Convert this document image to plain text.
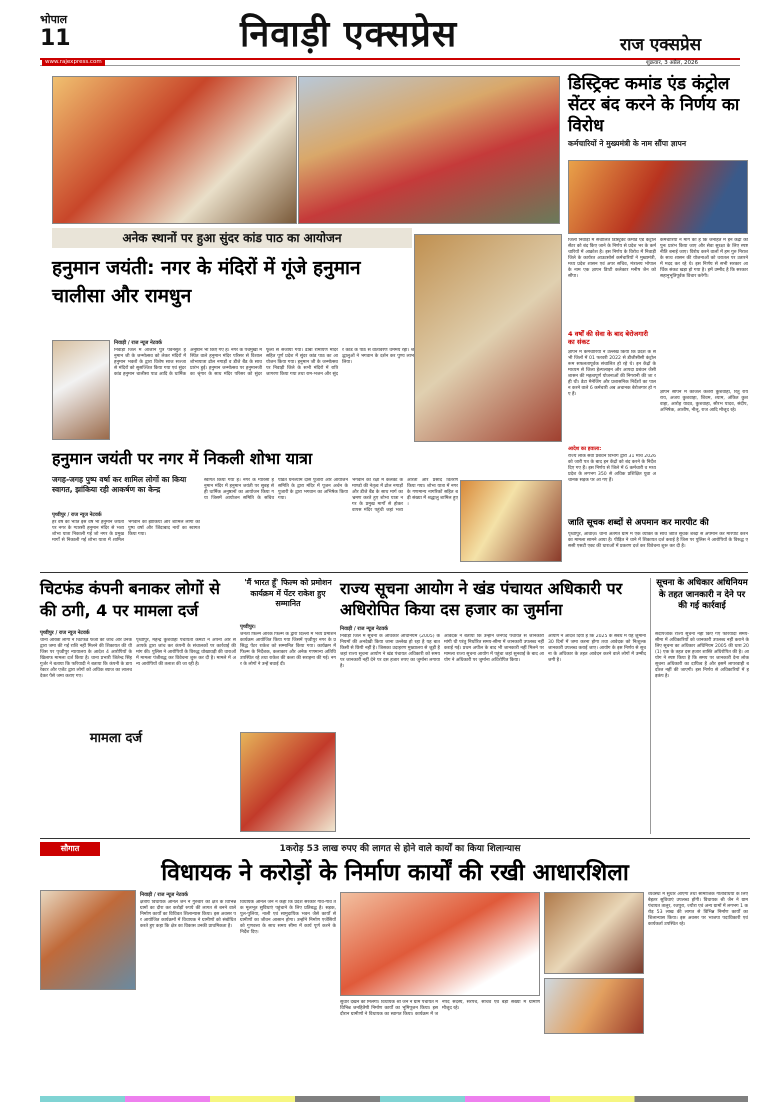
भोपाल
11	निवाड़ी एक्सप्रेस	राज एक्सप्रेस
www.rajexpress.com	शुक्रवार, 3 अप्रैल, 2026
डिस्ट्रिक्ट कमांड एंड कंट्रोल सेंटर बंद करने के निर्णय का विरोध
कर्मचारियों ने मुख्यमंत्री के नाम सौंपा ज्ञापन
जिला निवाड़ी में संचालित डिस्ट्रिक्ट कमांड एंड कंट्रोल सेंटर को बंद किए जाने के निर्णय से प्रदेश भर के कर्मचारियों में आक्रोश है। इस निर्णय के विरोध में निवाड़ी जिले के कार्यरत आउटसोर्स कर्मचारियों ने मुख्यमंत्री, मध्य प्रदेश शासन एवं अपर सचिव, मंत्रालय भोपाल के नाम एक ज्ञापन डिप्टी कलेक्टर मनीष जैन को सौंपा।
4 वर्षों की सेवा के बाद बेरोजगारी का संकट
ज्ञापन में कर्मचारियों ने उल्लेख किया कि प्रदेश के सभी जिलों में 01 फरवरी 2022 से डीजीसीसी कंट्रोल रूम सफलतापूर्वक संचालित हो रहे थे। इन केंद्रों के माध्यम से जिला हेल्पलाइन और आपदा प्रबंधन जैसी शासन की महत्वपूर्ण योजनाओं की निगरानी की जा रही थी। डेटा मैनेजिंग और प्रशासनिक निर्देशों का पालन करने वाले 6 कर्मचारी अब अचानक बेरोजगार हो गए हैं।
आदेश का हवाला:
राज्य लोक सेवा प्रबंधन विभाग द्वारा 31 मार्च 2026 को जारी पत्र के बाद इन केंद्रों को बंद करने के निर्देश दिए गए हैं। इस निर्णय से जिले में 6 कर्मचारी व मध्य प्रदेश के लगभग 350 से अधिक प्रशिक्षित युवा अचानक सड़क पर आ गए हैं।
कर्मचारियों ने मांग की है कि जनहित में इन केंद्रों को पुनः प्रारंभ किया जाए और सेवा सुरक्षा के लिए स्पष्ट नीति बनाई जाए। विरोध करने वालों में हम गुरु निराश के साथ शासन की योजनाओं को धरातल पर उतारने में मदद कर रहे थे। इस निर्णय से सभी सरकार आर्थिक संकट खड़ा हो गया है। हमें उम्मीद है कि सरकार सहानुभूतिपूर्वक विचार करेगी।
ज्ञापन सौंपने में काजल केशरी कुशवाहा, रितु राय राय, अजय कुशवाहा, शिवम, श्याम, अंकित कुशवाहा, आरोह यादव, कुशवाहा, सौरभ यादव, संदीप, अभिषेक, आशीष, नीलू, राज आदि मौजूद रहे।
अनेक स्थानों पर हुआ सुंदर कांड पाठ का आयोजन
हनुमान जयंती: नगर के मंदिरों में गूंजे हनुमान चालीसा और रामधुन
निवाड़ी / राज न्यूज नेटवर्क
निवाड़ी जिले में आंजनि पुत्र पवनसुत हनुमान जी के जन्मोत्सव को लेकर मंदिरों में हनुमान भक्तों के द्वारा विशेष साज सज्जा से मंदिरों को सुसज्जित किया गया एवं सुंदर कांड हनुमान चालीसा पाठ आदि के धार्मिक अनुष्ठान भी किए गए हैं। नगर के पंचमुखी में स्थित वाले हनुमान मंदिर परिसर से विशाल शोभायात्रा ढोल नगाड़ों व डीजे बैंड के साथ प्रारंभ हुई। हनुमान जन्मोत्सव पर हनुमानजी का श्रृंगार के साथ मंदिर परिसर को सुंदर फूलों से सजाया गया। ढाबा रामायण मंदिर सहित पूर्ण प्रदेश में सुंदर कांड पाठ का आयोजन किया गया। हनुमान जी के जन्मोत्सव पर निवाड़ी जिले के सभी मंदिरों में रात्रि जागरण किया गया तथा राम-भजन और सुंदर कांड के पाठ से वातावरण धर्ममय रहा। श्रद्धालुओं ने भगवान के दर्शन कर पुण्य लाभ लिया।
हनुमान जयंती पर नगर में निकली शोभा यात्रा
जगह-जगह पुष्प वर्षा कर शामिल लोगों का किया स्वागत, झांकिया रही आकर्षण का केन्द्र
पृथ्वीपुर / राज न्यूज नेटवर्क
हर वर्ष की भांति इस वर्ष भी हनुमान जयंती पर नगर के ग्यारसी हनुमान मंदिर से भव्य शोभा यात्रा निकाली गई जो नगर के प्रमुख मार्गों से निकाली गई शोभा यात्रा में शामिल भगवान की झांकियां और शामिल लोगों का पुष्प वर्षा और जिंदाबाद नारों का स्वागत किया गया।
स्वागत किया गया है। नगर के ग्यारसी हनुमान मंदिर में हनुमान जयंती पर सुबह से ही धार्मिक अनुष्ठानों का आयोजन किया गया जिसमें आयोजन समिति के सचिव पंडित घनश्याम दास पुजारी और आयोजन समिति के द्वारा मंदिर में पूजन अर्चन के पुजारी के द्वारा भगवान का अभिषेक किया गया।
भगवान की रक्षा में कलेक्ट कमाण्डो की नेतृत्व में ढोल नगाड़ों और डीजे बैंड के साथ मार्ग का भ्रमण करते हुए शोभा यात्रा नगर के प्रमुख मार्गों से होकर वापस मंदिर पहुंची जहां भव्य आरती और प्रसाद वितरण किया गया। शोभा यात्रा में नगर के गणमान्य नागरिकों सहित बड़ी संख्या में श्रद्धालु शामिल हुए।
जाति सूचक शब्दों से अपमान कर मारपीट की
पृथ्वीपुर, आवाज़। थाना अंतर्गत ग्राम में एक व्यक्ति के साथ जाति सूचक शब्दों से अपमान कर मारपीट करने का मामला सामने आया है। पीड़ित ने थाने में शिकायत दर्ज कराई है जिस पर पुलिस ने आरोपियों के विरुद्ध एससी एसटी एक्ट की धाराओं में प्रकरण दर्ज कर विवेचना शुरू कर दी है।
चिटफंड कंपनी बनाकर लोगों से की ठगी, 4 पर मामला दर्ज
पृथ्वीपुर / राज न्यूज नेटवर्क
थाना ओरछा लोगों ने चिटफंड फर्जी की जांच और उनके द्वारा जमा की गई राशि नहीं मिलने की शिकायत की थी जिस पर पृथ्वीपुर न्यायालय के आदेश 4 आरोपियों के खिलाफ मामला दर्ज किया है। थाना प्रभारी जितेन्द्र सिंह गुर्जर ने बताया कि फरियादी ने बताया कि कंपनी के डायरेक्टर और एजेंट द्वारा लोगों को अधिक ब्याज का लालच देकर पैसे जमा कराए गए।
मामला दर्ज
पृथ्वीपुर, महेन्द्र कुशवाहा पंचायती कमेटी ने अपनी ओर से आपके द्वारा जांच कर कंपनी के संचालकों पर कार्रवाई की मांग की। पुलिस ने आरोपियों के विरुद्ध धोखाधड़ी की धाराओं में मामला पंजीबद्ध कर विवेचना शुरू कर दी है। मामले में अन्य आरोपियों की तलाश की जा रही है।
'मैं भारत हूँ' फिल्म को प्रमोशन कार्यक्रम में पेंटर राकेश हुए सम्मानित
पृथ्वीपुर।
जनता फिल्म आरके फिल्म के द्वारा दिल्ली में भव्य प्रमोशन कार्यक्रम आयोजित किया गया जिसमें पृथ्वीपुर नगर के प्रसिद्ध पेंटर राकेश को सम्मानित किया गया। कार्यक्रम में फिल्म के निर्देशक, कलाकार और अनेक गणमान्य अतिथि उपस्थित रहे तथा राकेश की कला की सराहना की गई। नगर के लोगों ने उन्हें बधाई दी।
राज्य सूचना आयोग ने खंड पंचायत अधिकारी पर अधिरोपित किया दस हजार का जुर्माना
निवाड़ी / राज न्यूज नेटवर्क
निवाड़ी जिले में सूचना के अधिकार अधिनियम (2005) के नियमों की अनदेखी किया जाना उल्लेख हो रहा है यह बात किसी से छिपी नहीं है। जिसका उदाहरण मुख्यालय से जुड़ी है जहां राज्य सूचना आयोग ने खंड पंचायत अधिकारी को समय पर जानकारी नहीं देने पर दस हजार रुपए का जुर्माना लगाया है।
आवेदक ने बताया कि उन्होंने जनपद पंचायत से जानकारी मांगी थी परंतु निर्धारित समय-सीमा में जानकारी उपलब्ध नहीं कराई गई। प्रथम अपील के बाद भी जानकारी नहीं मिलने पर मामला राज्य सूचना आयोग में पहुंचा जहां सुनवाई के बाद आयोग ने अधिकारी पर जुर्माना अधिरोपित किया।
आयोग ने आदेश दिया है कि 2025 के संबंध में यह जुर्माना 30 दिनों में जमा करना होगा तथा आवेदक को निःशुल्क जानकारी उपलब्ध कराई जाए। आयोग के इस निर्णय से सूचना के अधिकार के तहत आवेदन करने वाले लोगों में उम्मीद जगी है।
सूचना के अधिकार अधिनियम के तहत जानकारी न देने पर की गई कार्रवाई
संदीपजाक राज्य सूचना नहीं किए गए फरियादी समय-सीमा में अधिकारियों को जानकारी उपलब्ध नहीं कराने के लिए सूचना का अधिकार अधिनियम 2005 की धारा 20 (1) एक के तहत दस हजार शास्ति अधिरोपित की है। आयोग ने स्पष्ट किया है कि समय पर जानकारी देना लोक सूचना अधिकारी का दायित्व है और इसमें लापरवाही बर्दाश्त नहीं की जाएगी। इस निर्णय से अधिकारियों में हड़कंप है।
सौगात	1करोड़ 53 लाख रुपए की लागत से होने वाले कार्यों का किया शिलान्यास
विधायक ने करोड़ों के निर्माण कार्यों की रखी आधारशिला
निवाड़ी / राज न्यूज नेटवर्क
क्षेत्रीय विधायक अनिल जैन ने गुरुवार को क्षेत्र के विभिन्न ग्रामों का दौरा कर करोड़ों रुपये की लागत से बनने वाले निर्माण कार्यों का विधिवत शिलान्यास किया। इस अवसर पर आयोजित कार्यक्रमों में विधायक ने ग्रामीणों को संबोधित करते हुए कहा कि क्षेत्र का विकास उनकी प्राथमिकता है।
विधायक अनिल जैन ने कहा कि प्रदेश सरकार गांव-गांव तक मूलभूत सुविधाएं पहुंचाने के लिए प्रतिबद्ध है। सड़क, पुल-पुलिया, नाली एवं सामुदायिक भवन जैसे कार्यों से ग्रामीणों का जीवन आसान होगा। उन्होंने निर्माण एजेंसियों को गुणवत्ता के साथ समय सीमा में कार्य पूर्ण करने के निर्देश दिए।
सुधार देखने को मिलेगा। विधायक श्री जैन ने ग्राम पंचायत में विभिन्न जनहितैषी निर्माण कार्यों का भूमिपूजन किया। इस दौरान ग्रामीणों ने विधायक का स्वागत किया। कार्यक्रम में जनपद सदस्य, सरपंच, सचिव एवं बड़ी संख्या में ग्रामीण मौजूद रहे।
व्यवस्था में सुधार आएगा तथा सामाजिक गतिविधियों के लिए बेहतर सुविधाएं उपलब्ध होंगी। विधायक श्री जैन ने ग्राम पंचायत तालुर, रजपुरा, ज्यौरा एवं अन्य ग्रामों में लगभग 1 करोड़ 53 लाख की लागत से विभिन्न निर्माण कार्यों का शिलान्यास किया। इस अवसर पर भाजपा पदाधिकारी एवं कार्यकर्ता उपस्थित रहे।
